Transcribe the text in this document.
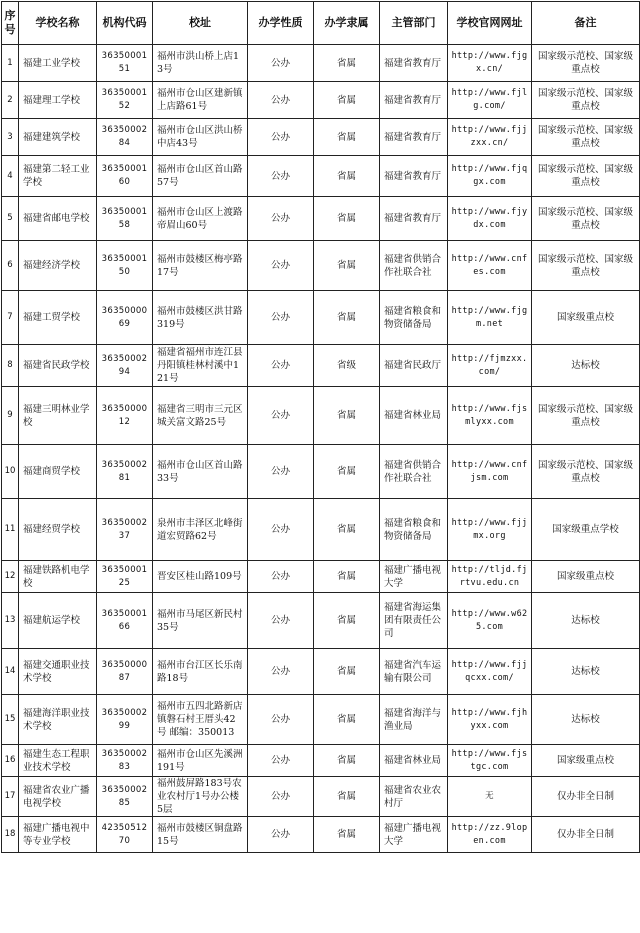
序号	学校名称	机构代码	校址	办学性质	办学隶属	主管部门	学校官网网址	备注
1	福建工业学校	3635000151	福州市洪山桥上店13号	公办	省属	福建省教育厅	http://www.fjgx.cn/	国家级示范校、国家级重点校
2	福建理工学校	3635000152	福州市仓山区建新镇上店路61号	公办	省属	福建省教育厅	http://www.fjlg.com/	国家级示范校、国家级重点校
3	福建建筑学校	3635000284	福州市仓山区洪山桥中店43号	公办	省属	福建省教育厅	http://www.fjjzxx.cn/	国家级示范校、国家级重点校
4	福建第二轻工业学校	3635000160	福州市仓山区首山路57号	公办	省属	福建省教育厅	http://www.fjqgx.com	国家级示范校、国家级重点校
5	福建省邮电学校	3635000158	福州市仓山区上渡路帝眉山60号	公办	省属	福建省教育厅	http://www.fjydx.com	国家级示范校、国家级重点校
6	福建经济学校	3635000150	福州市鼓楼区梅亭路17号	公办	省属	福建省供销合作社联合社	http://www.cnfes.com	国家级示范校、国家级重点校
7	福建工贸学校	3635000069	福州市鼓楼区洪甘路319号	公办	省属	福建省粮食和物资储备局	http://www.fjgm.net	国家级重点校
8	福建省民政学校	3635000294	福建省福州市连江县丹阳镇桂林村溪中121号	公办	省级	福建省民政厅	http://fjmzxx.com/	达标校
9	福建三明林业学校	3635000012	福建省三明市三元区城关富文路25号	公办	省属	福建省林业局	http://www.fjsmlyxx.com	国家级示范校、国家级重点校
10	福建商贸学校	3635000281	福州市仓山区首山路33号	公办	省属	福建省供销合作社联合社	http://www.cnfjsm.com	国家级示范校、国家级重点校
11	福建经贸学校	3635000237	泉州市丰泽区北峰街道宏贸路62号	公办	省属	福建省粮食和物资储备局	http://www.fjjmx.org	国家级重点学校
12	福建铁路机电学校	3635000125	晋安区桂山路109号	公办	省属	福建广播电视大学	http://tljd.fjrtvu.edu.cn	国家级重点校
13	福建航运学校	3635000166	福州市马尾区新民村35号	公办	省属	福建省海运集团有限责任公司	http://www.w625.com	达标校
14	福建交通职业技术学校	3635000087	福州市台江区长乐南路18号	公办	省属	福建省汽车运输有限公司	http://www.fjjqcxx.com/	达标校
15	福建海洋职业技术学校	3635000299	福州市五四北路新店镇磐石村王厝头42号 邮编：350013	公办	省属	福建省海洋与渔业局	http://www.fjhyxx.com	达标校
16	福建生态工程职业技术学校	3635000283	福州市仓山区先溪洲191号	公办	省属	福建省林业局	http://www.fjstgc.com	国家级重点校
17	福建省农业广播电视学校	3635000285	福州鼓屏路183号农业农村厅1号办公楼5层	公办	省属	福建省农业农村厅	无	仅办非全日制
18	福建广播电视中等专业学校	4235051270	福州市鼓楼区铜盘路15号	公办	省属	福建广播电视大学	http://zz.9lopen.com	仅办非全日制
